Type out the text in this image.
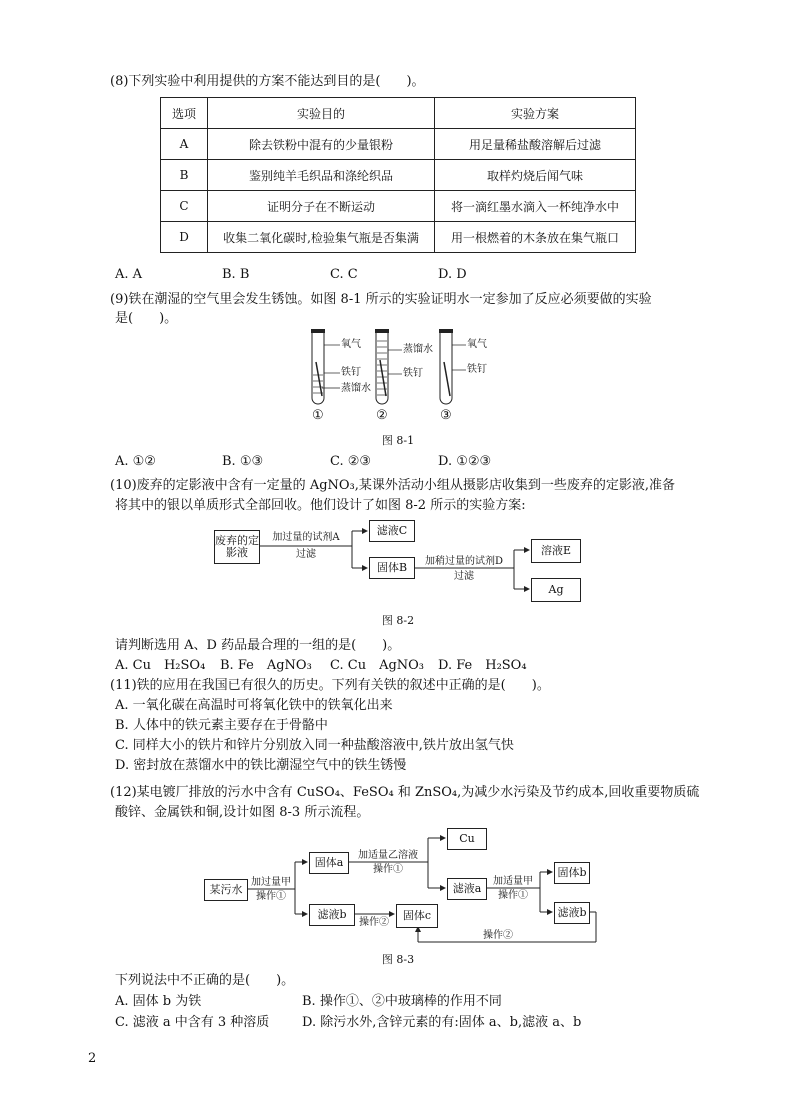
(8)下列实验中利用提供的方案不能达到目的是(　　)。
选项	实验目的	实验方案
A	除去铁粉中混有的少量银粉	用足量稀盐酸溶解后过滤
B	鉴别纯羊毛织品和涤纶织品	取样灼烧后闻气味
C	证明分子在不断运动	将一滴红墨水滴入一杯纯净水中
D	收集二氧化碳时,检验集气瓶是否集满	用一根燃着的木条放在集气瓶口
A. A	B. B	C. C	D. D
(9)铁在潮湿的空气里会发生锈蚀。如图 8-1 所示的实验证明水一定参加了反应必须要做的实验
是(　　)。
氧气
铁钉
蒸馏水
蒸馏水
铁钉
氧气
铁钉
①	②	③
图 8-1
A. ①②	B. ①③	C. ②③	D. ①②③
(10)废弃的定影液中含有一定量的 AgNO₃,某课外活动小组从摄影店收集到一些废弃的定影液,准备
将其中的银以单质形式全部回收。他们设计了如图 8-2 所示的实验方案:
废弃的定影液
加过量的试剂A
过滤
滤液C
固体B	加稍过量的试剂D
过滤
溶液E
Ag
图 8-2
请判断选用 A、D 药品最合理的一组的是(　　)。
A. Cu　H₂SO₄ B. Fe　AgNO₃ C. Cu　AgNO₃ D. Fe　H₂SO₄
(11)铁的应用在我国已有很久的历史。下列有关铁的叙述中正确的是(　　)。
A. 一氧化碳在高温时可将氧化铁中的铁氧化出来
B. 人体中的铁元素主要存在于骨骼中
C. 同样大小的铁片和锌片分别放入同一种盐酸溶液中,铁片放出氢气快
D. 密封放在蒸馏水中的铁比潮湿空气中的铁生锈慢
(12)某电镀厂排放的污水中含有 CuSO₄、FeSO₄ 和 ZnSO₄,为减少水污染及节约成本,回收重要物质硫
酸锌、金属铁和铜,设计如图 8-3 所示流程。
某污水
加过量甲
操作①
固体a
加适量乙溶液
操作①
Cu
滤液a
加适量甲
操作①
固体b
滤液b
滤液b
操作②
固体c
操作②
图 8-3
下列说法中不正确的是(　　)。
A. 固体 b 为铁	B. 操作①、②中玻璃棒的作用不同
C. 滤液 a 中含有 3 种溶质	D. 除污水外,含锌元素的有:固体 a、b,滤液 a、b
2
